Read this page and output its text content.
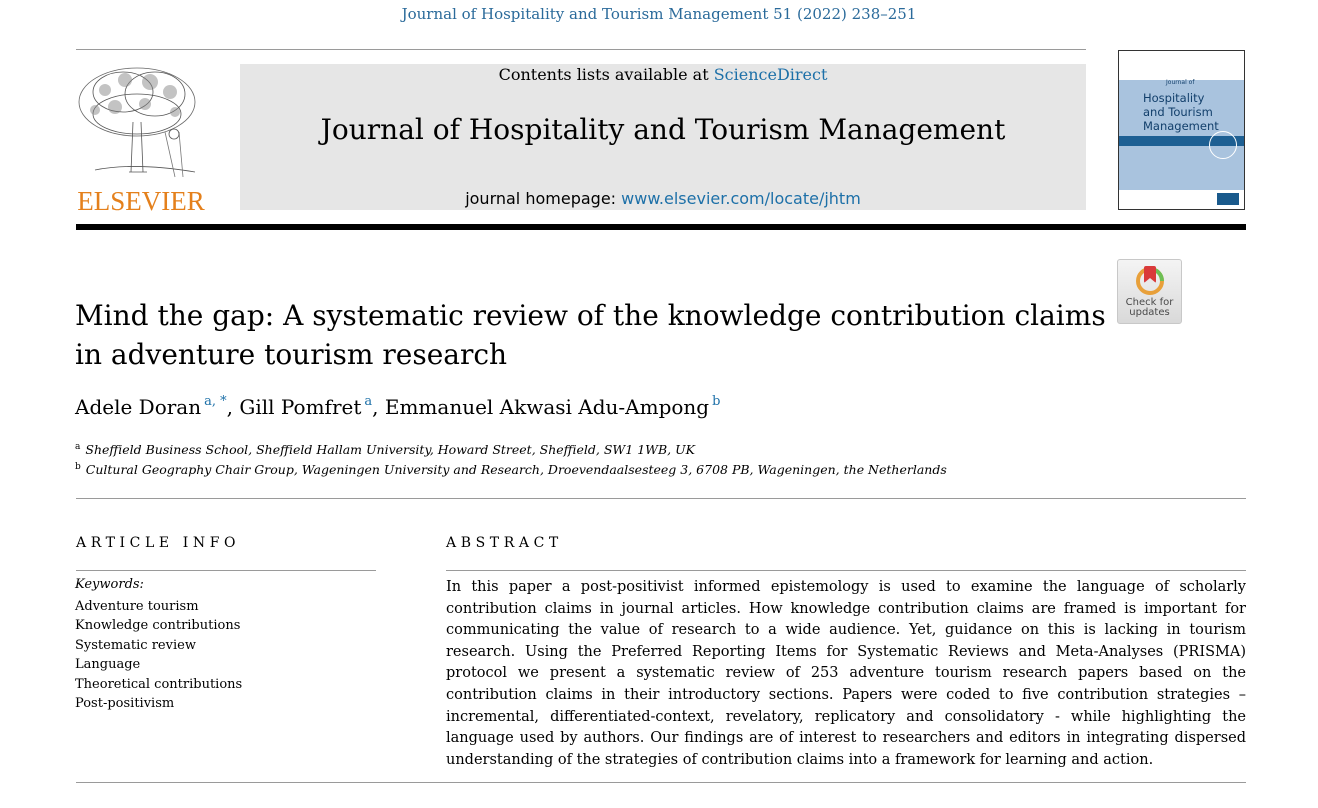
Journal of Hospitality and Tourism Management 51 (2022) 238–251
ELSEVIER
Contents lists available at ScienceDirect
Journal of Hospitality and Tourism Management
journal homepage: www.elsevier.com/locate/jhtm
Journal of
Hospitality
and Tourism
Management
Check for
updates
Mind the gap: A systematic review of the knowledge contribution claims in adventure tourism research
Adele Doran $^{a, *}$, Gill Pomfret $^a$, Emmanuel Akwasi Adu-Ampong $^b$
$^a$ Sheffield Business School, Sheffield Hallam University, Howard Street, Sheffield, SW1 1WB, UK
$^b$ Cultural Geography Chair Group, Wageningen University and Research, Droevendaalsesteeg 3, 6708 PB, Wageningen, the Netherlands
ARTICLE INFO
Keywords:
Adventure tourism
Knowledge contributions
Systematic review
Language
Theoretical contributions
Post-positivism
ABSTRACT
In this paper a post-positivist informed epistemology is used to examine the language of scholarly contribution claims in journal articles. How knowledge contribution claims are framed is important for communicating the value of research to a wide audience. Yet, guidance on this is lacking in tourism research. Using the Preferred Reporting Items for Systematic Reviews and Meta-Analyses (PRISMA) protocol we present a systematic review of 253 adventure tourism research papers based on the contribution claims in their introductory sections. Papers were coded to five contribution strategies – incremental, differentiated-context, revelatory, replicatory and consolidatory - while highlighting the language used by authors. Our findings are of interest to researchers and editors in integrating dispersed understanding of the strategies of contribution claims into a framework for learning and action.
